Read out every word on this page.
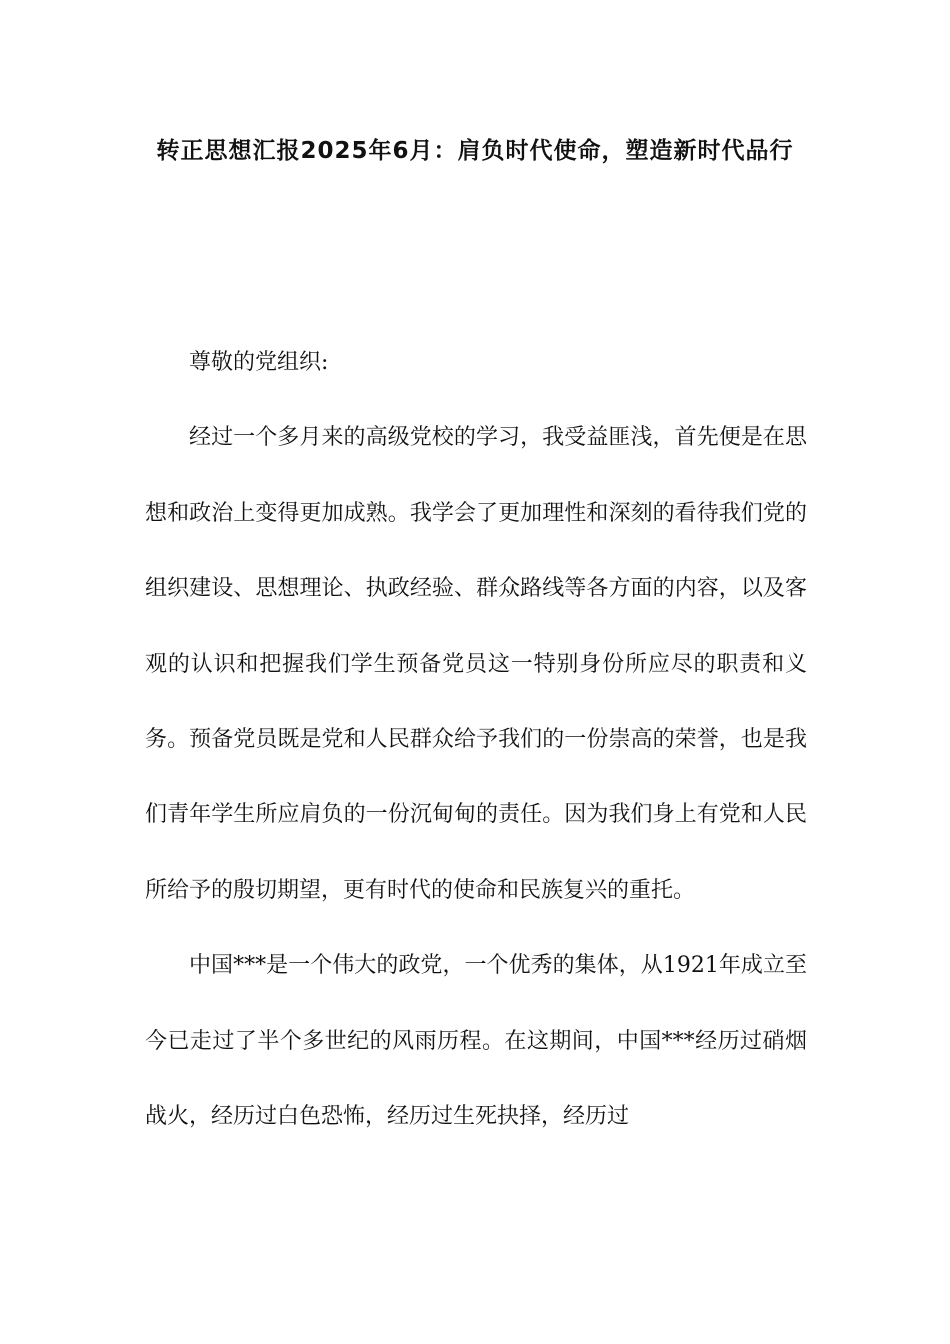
转正思想汇报2025年6月：肩负时代使命，塑造新时代品行

尊敬的党组织:

经过一个多月来的高级党校的学习，我受益匪浅，首先便是在思想和政治上变得更加成熟。我学会了更加理性和深刻的看待我们党的组织建设、思想理论、执政经验、群众路线等各方面的内容，以及客观的认识和把握我们学生预备党员这一特别身份所应尽的职责和义务。预备党员既是党和人民群众给予我们的一份崇高的荣誉，也是我们青年学生所应肩负的一份沉甸甸的责任。因为我们身上有党和人民所给予的殷切期望，更有时代的使命和民族复兴的重托。

中国***是一个伟大的政党，一个优秀的集体，从1921年成立至今已走过了半个多世纪的风雨历程。在这期间，中国***经历过硝烟战火，经历过白色恐怖，经历过生死抉择，经历过
